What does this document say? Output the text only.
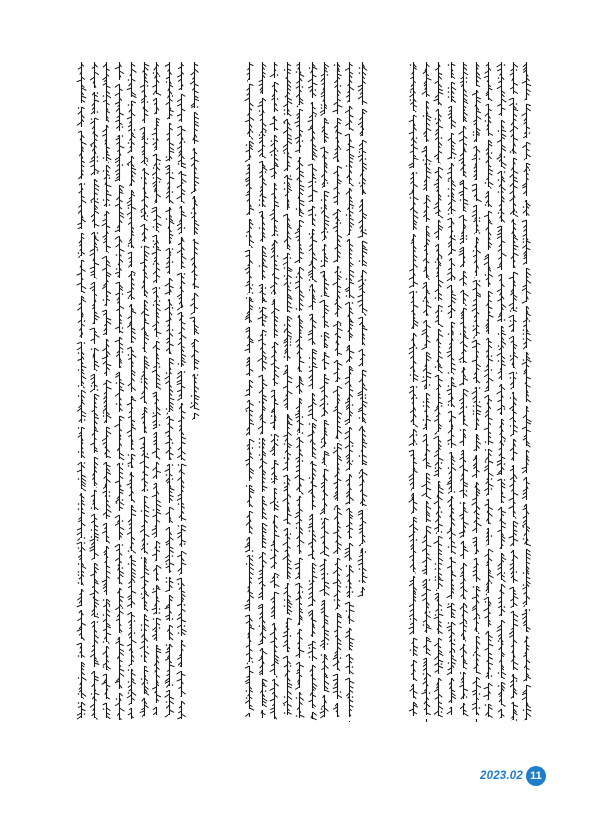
2023.02 11
